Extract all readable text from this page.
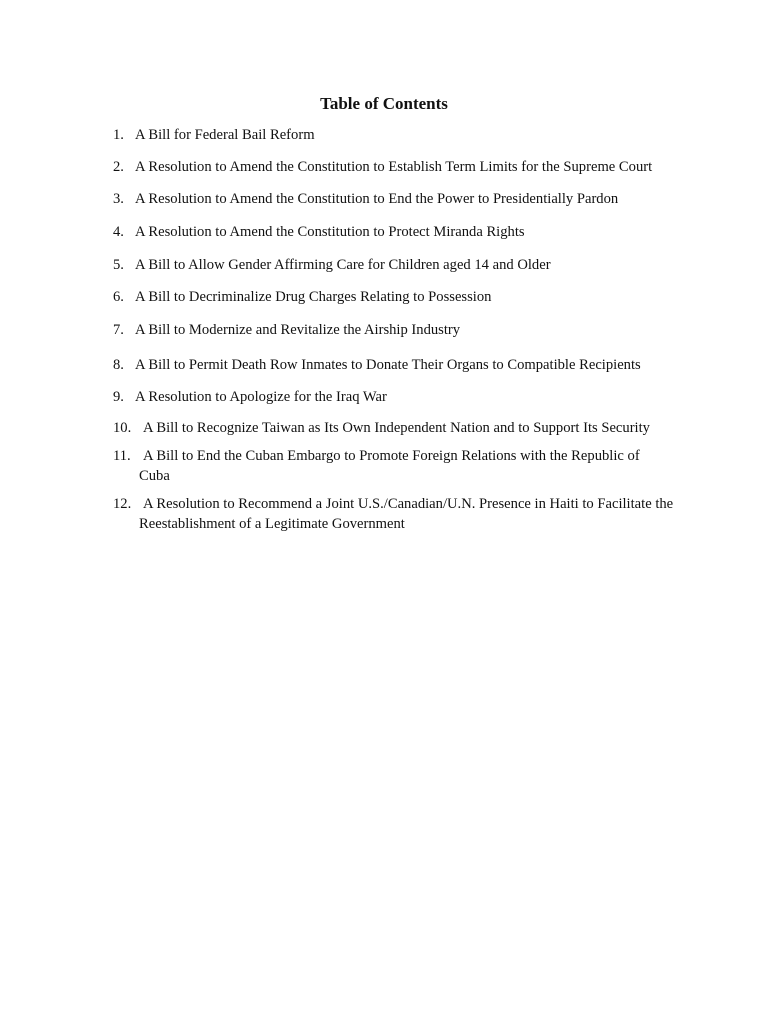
Table of Contents
1. A Bill for Federal Bail Reform
2. A Resolution to Amend the Constitution to Establish Term Limits for the Supreme Court
3. A Resolution to Amend the Constitution to End the Power to Presidentially Pardon
4. A Resolution to Amend the Constitution to Protect Miranda Rights
5. A Bill to Allow Gender Affirming Care for Children aged 14 and Older
6. A Bill to Decriminalize Drug Charges Relating to Possession
7. A Bill to Modernize and Revitalize the Airship Industry
8. A Bill to Permit Death Row Inmates to Donate Their Organs to Compatible Recipients
9. A Resolution to Apologize for the Iraq War
10. A Bill to Recognize Taiwan as Its Own Independent Nation and to Support Its Security
11. A Bill to End the Cuban Embargo to Promote Foreign Relations with the Republic of Cuba
12. A Resolution to Recommend a Joint U.S./Canadian/U.N. Presence in Haiti to Facilitate the Reestablishment of a Legitimate Government
